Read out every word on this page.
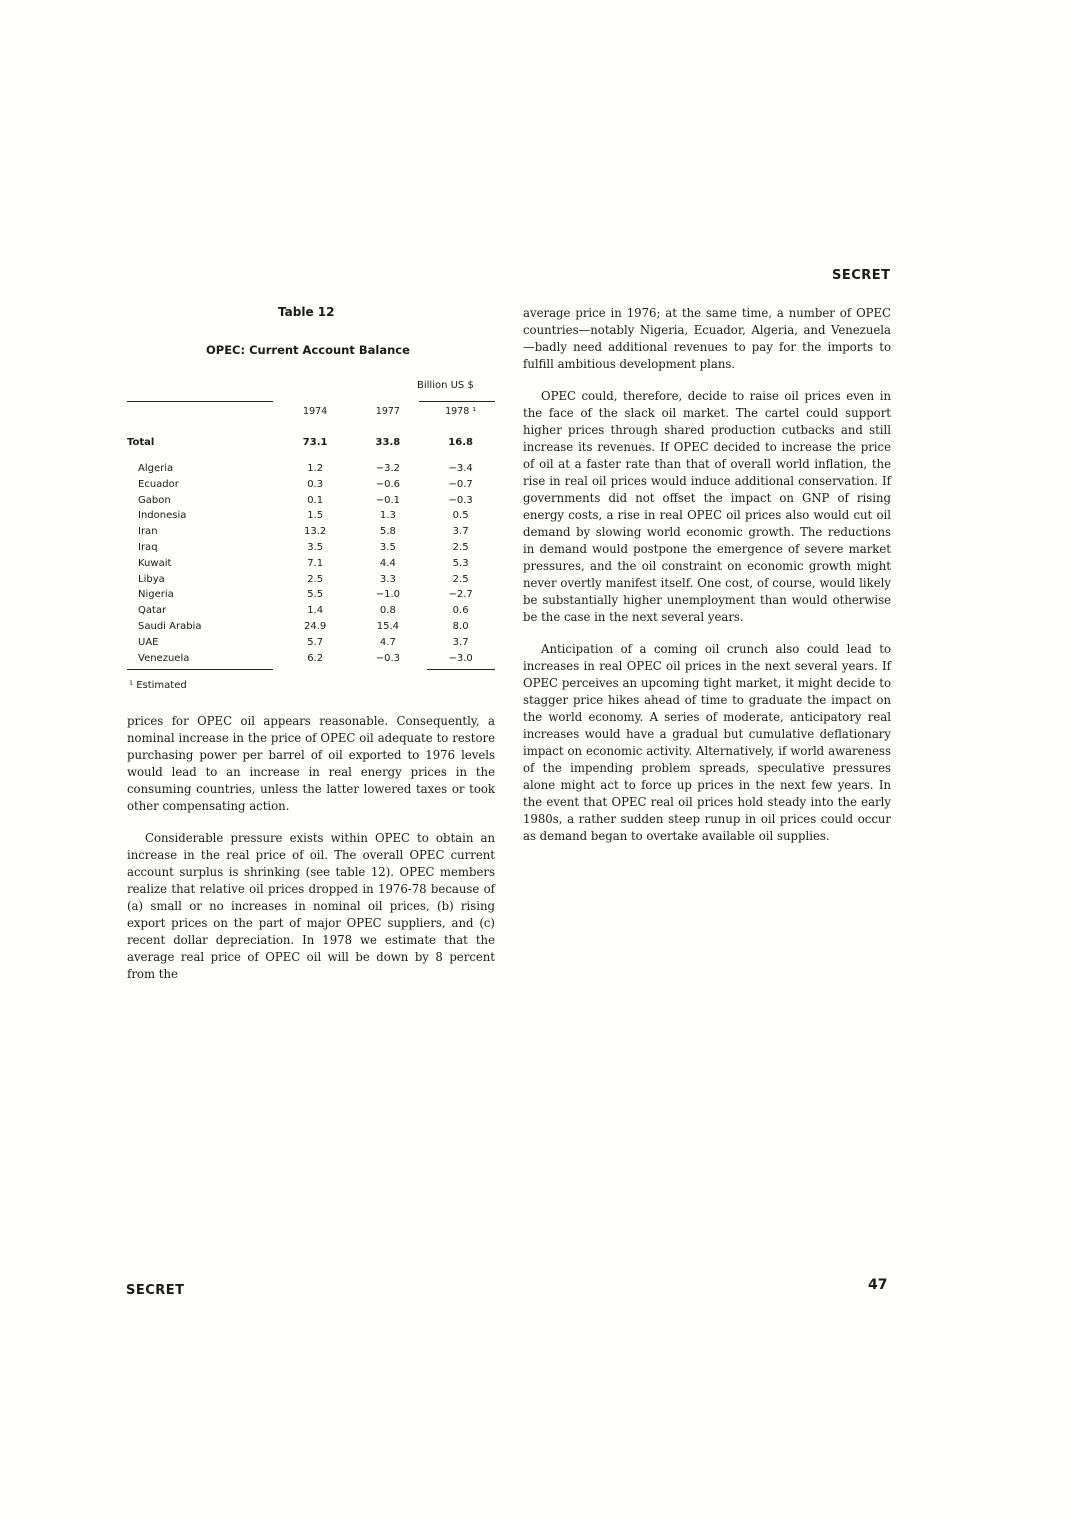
SECRET
Table 12
OPEC: Current Account Balance
Billion US $
	1974	1977	1978 ¹

Total	73.1	33.8	16.8

Algeria	1.2	−3.2	−3.4
Ecuador	0.3	−0.6	−0.7
Gabon	0.1	−0.1	−0.3
Indonesia	1.5	1.3	0.5
Iran	13.2	5.8	3.7
Iraq	3.5	3.5	2.5
Kuwait	7.1	4.4	5.3
Libya	2.5	3.3	2.5
Nigeria	5.5	−1.0	−2.7
Qatar	1.4	0.8	0.6
Saudi Arabia	24.9	15.4	8.0
UAE	5.7	4.7	3.7
Venezuela	6.2	−0.3	−3.0
¹ Estimated

prices for OPEC oil appears reasonable. Consequently, a nominal increase in the price of OPEC oil adequate to restore purchasing power per barrel of oil exported to 1976 levels would lead to an increase in real energy prices in the consuming countries, unless the latter lowered taxes or took other compensating action.

Considerable pressure exists within OPEC to obtain an increase in the real price of oil. The overall OPEC current account surplus is shrinking (see table 12). OPEC members realize that relative oil prices dropped in 1976-78 because of (a) small or no increases in nominal oil prices, (b) rising export prices on the part of major OPEC suppliers, and (c) recent dollar depreciation. In 1978 we estimate that the average real price of OPEC oil will be down by 8 percent from the

average price in 1976; at the same time, a number of OPEC countries—notably Nigeria, Ecuador, Algeria, and Venezuela—badly need additional revenues to pay for the imports to fulfill ambitious development plans.

OPEC could, therefore, decide to raise oil prices even in the face of the slack oil market. The cartel could support higher prices through shared production cutbacks and still increase its revenues. If OPEC decided to increase the price of oil at a faster rate than that of overall world inflation, the rise in real oil prices would induce additional conservation. If governments did not offset the impact on GNP of rising energy costs, a rise in real OPEC oil prices also would cut oil demand by slowing world economic growth. The reductions in demand would postpone the emergence of severe market pressures, and the oil constraint on economic growth might never overtly manifest itself. One cost, of course, would likely be substantially higher unemployment than would otherwise be the case in the next several years.

Anticipation of a coming oil crunch also could lead to increases in real OPEC oil prices in the next several years. If OPEC perceives an upcoming tight market, it might decide to stagger price hikes ahead of time to graduate the impact on the world economy. A series of moderate, anticipatory real increases would have a gradual but cumulative deflationary impact on economic activity. Alternatively, if world awareness of the impending problem spreads, speculative pressures alone might act to force up prices in the next few years. In the event that OPEC real oil prices hold steady into the early 1980s, a rather sudden steep runup in oil prices could occur as demand began to overtake available oil supplies.

SECRET	47
